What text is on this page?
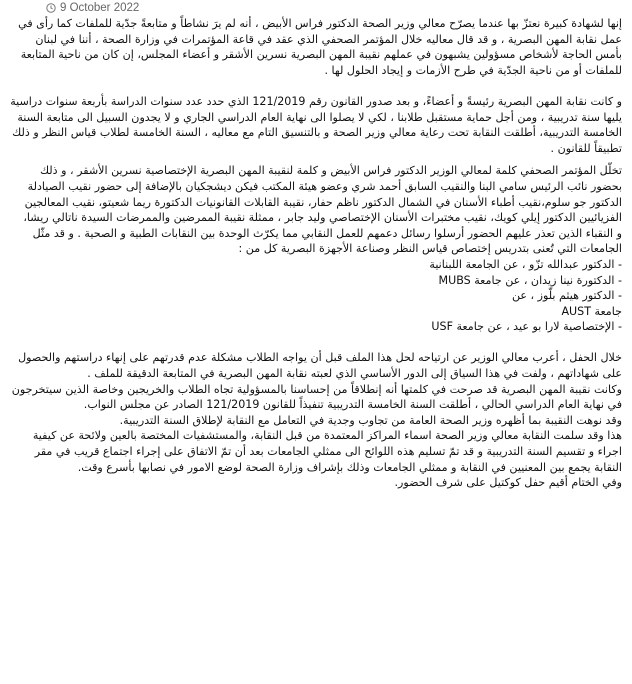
9 October 2022

إنها لشهادة كبيرة نعتزّ بها عندما يصرّح معالي وزير الصحة الدكتور فراس الأبيض ، أنه لم يرَ نشاطاً و متابعةً جدّية للملفات كما رأى في عمل نقابة المهن البصرية ، و قد قال معاليه خلال المؤتمر الصحفي الذي عقد في قاعة المؤتمرات في وزارة الصحة ، أننا في لبنان بأمس الحاجة لأشخاص مسؤولين يشبهون في عملهم نقيبة المهن البصرية نسرين الأشقر و أعضاء المجلس، إن كان من ناحية المتابعة للملفات أو من ناحية الجدّية في طرح الأزمات و إيجاد الحلول لها .

و كانت نقابة المهن البصرية رئيسةً و أعضاءً، و بعد صدور القانون رقم 121/2019 الذي حدد عدد سنوات الدراسة بأربعة سنوات دراسية يليها سنة تدريبية ، ومن أجل حماية مستقبل طلابنا ، لكي لا يصلوا الى نهاية العام الدراسي الجاري و لا يجدون السبيل الى متابعة السنة الخامسة التدريبية، أطلقت النقابة تحت رعاية معالي وزير الصحة و بالتنسيق التام مع معاليه ، السنة الخامسة لطلاب قياس النظر و ذلك تطبيقاً للقانون .

تخلّل المؤتمر الصحفي كلمة لمعالي الوزير الدكتور فراس الأبيض و كلمة لنقيبة المهن البصرية الإختصاصية نسرين الأشقر ، و ذلك بحضور نائب الرئيس سامي البنا والنقيب السابق أحمد شري وعضو هيئة المكتب فيكن ديشجكيان بالإضافة إلى حضور نقيب الصيادلة الدكتور جو سلوم،نقيب أطباء الأسنان في الشمال الدكتور ناظم حفار، نقيبة القابلات القانونيات الدكتورة ريما شعيتو، نقيب المعالجين الفزيائيين الدكتور إيلي كويك، نقيب مختبرات الأسنان الإختصاصي وليد جابر ، ممثلة نقيبة الممرضين والممرضات السيدة ناتالي ريشا،

و النقباء الذين تعذر عليهم الحضور أرسلوا رسائل دعمهم للعمل النقابي مما يكرّث الوحدة بين النقابات الطبية و الصحية . و قد مثّل الجامعات التي تُعنى بتدريس إختصاص قياس النظر وصناعة الأجهزة البصرية كل من :

- الدكتور عبدالله تزّو ، عن الجامعة اللبنانية

- الدكتورة نينا زيدان ، عن جامعة MUBS

- الدكتور هيثم بلّوز ، عن

جامعة AUST

- الإختصاصية لارا بو عيد ، عن جامعة USF

خلال الحفل ، أعرب معالي الوزير عن ارتياحه لحل هذا الملف قبل أن يواجه الطلاب مشكلة عدم قدرتهم على إنهاء دراستهم والحصول على شهاداتهم ، ولفت في هذا السياق إلى الدور الأساسي الذي لعبته نقابة المهن البصرية في المتابعة الدقيقة للملف .

وكانت نقيبة المهن البصرية قد صرحت في كلمتها أنه إنطلاقاً من إحساسنا بالمسؤولية تجاه الطلاب والخريجين وخاصة الذين سيتخرجون في نهاية العام الدراسي الحالي ، أطلقت السنة الخامسة التدريبية تنفيذاً للقانون 121/2019 الصادر عن مجلس النواب.

وقد نوهت النقيبة بما أظهره وزير الصحة العامة من تجاوب وجدية في التعامل مع النقابة لإطلاق السنة التدريبية.

هذا وقد سلمت النقابة معالي وزير الصحة اسماء المراكز المعتمدة من قبل النقابة، والمستشفيات المختصة بالعين ولائحة عن كيفية اجراء و تقسيم السنة التدريبية و قد تمّ تسليم هذه اللوائح الى ممثلي الجامعات بعد أن تمّ الاتفاق على إجراء اجتماع قريب في مقر النقابة يجمع بين المعنيين في النقابة و ممثلي الجامعات وذلك بإشراف وزارة الصحة لوضع الامور في نصابها بأسرع وقت.

وفي الختام أقيم حفل كوكتيل على شرف الحضور.
